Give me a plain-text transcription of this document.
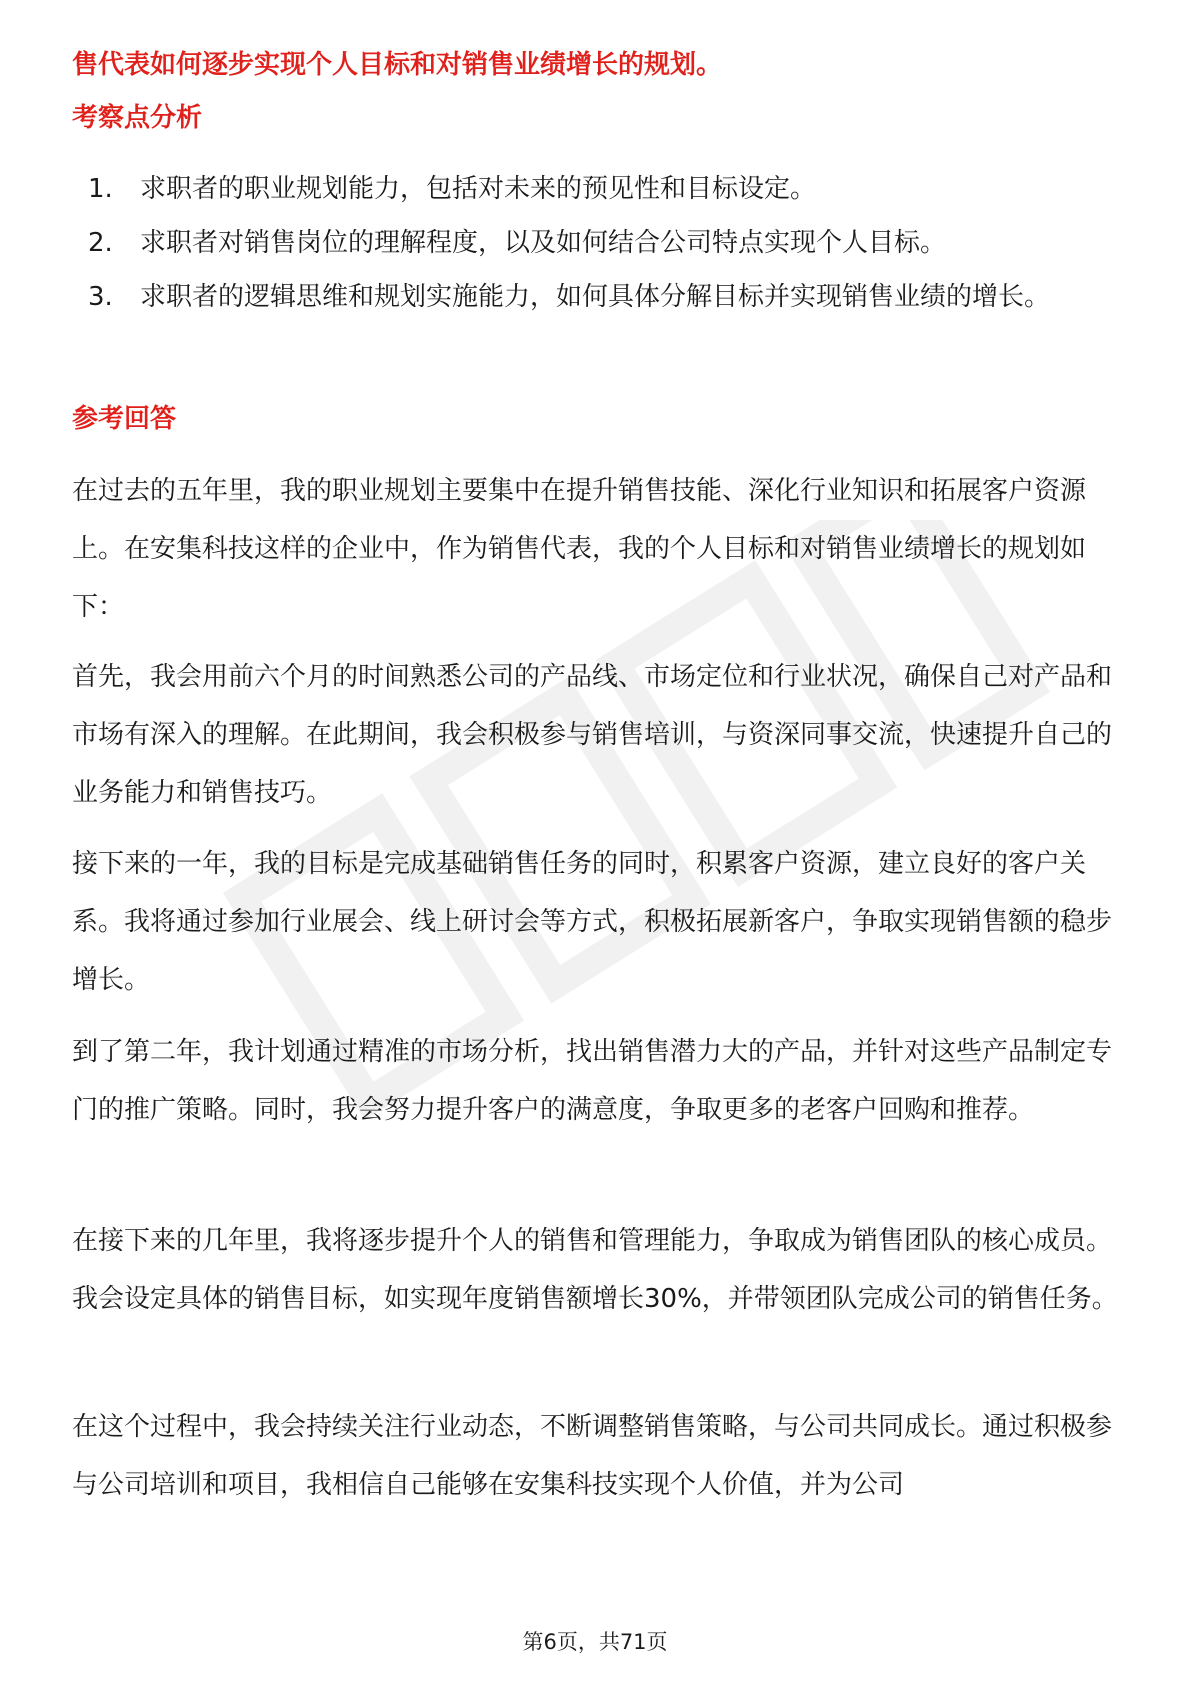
售代表如何逐步实现个人目标和对销售业绩增长的规划。

考察点分析
1. 求职者的职业规划能力，包括对未来的预见性和目标设定。
2. 求职者对销售岗位的理解程度，以及如何结合公司特点实现个人目标。
3. 求职者的逻辑思维和规划实施能力，如何具体分解目标并实现销售业绩的增长。
参考回答

在过去的五年里，我的职业规划主要集中在提升销售技能、深化行业知识和拓展客户资源上。在安集科技这样的企业中，作为销售代表，我的个人目标和对销售业绩增长的规划如下：

首先，我会用前六个月的时间熟悉公司的产品线、市场定位和行业状况，确保自己对产品和市场有深入的理解。在此期间，我会积极参与销售培训，与资深同事交流，快速提升自己的业务能力和销售技巧。

接下来的一年，我的目标是完成基础销售任务的同时，积累客户资源，建立良好的客户关系。我将通过参加行业展会、线上研讨会等方式，积极拓展新客户，争取实现销售额的稳步增长。

到了第二年，我计划通过精准的市场分析，找出销售潜力大的产品，并针对这些产品制定专门的推广策略。同时，我会努力提升客户的满意度，争取更多的老客户回购和推荐。

在接下来的几年里，我将逐步提升个人的销售和管理能力，争取成为销售团队的核心成员。我会设定具体的销售目标，如实现年度销售额增长30%，并带领团队完成公司的销售任务。

在这个过程中，我会持续关注行业动态，不断调整销售策略，与公司共同成长。通过积极参与公司培训和项目，我相信自己能够在安集科技实现个人价值，并为公司

第6页，共71页
